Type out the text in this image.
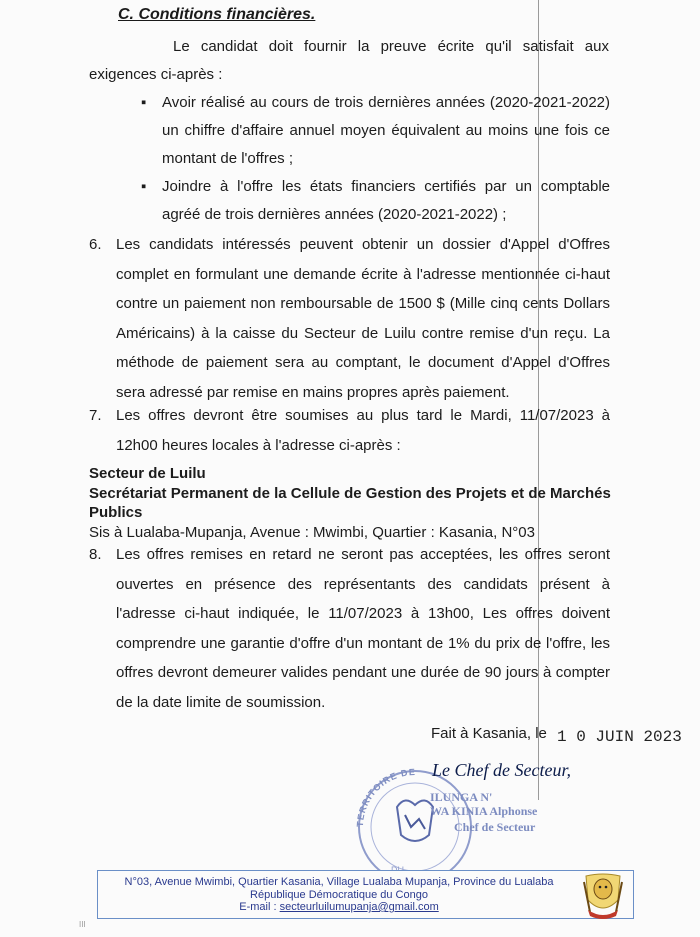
C. Conditions financières.

Le candidat doit fournir la preuve écrite qu'il satisfait aux exigences ci-après :

▪ Avoir réalisé au cours de trois dernières années (2020-2021-2022) un chiffre d'affaire annuel moyen équivalent au moins une fois ce montant de l'offres ;
▪ Joindre à l'offre les états financiers certifiés par un comptable agréé de trois dernières années (2020-2021-2022) ;
6. Les candidats intéressés peuvent obtenir un dossier d'Appel d'Offres complet en formulant une demande écrite à l'adresse mentionnée ci-haut contre un paiement non remboursable de 1500 $ (Mille cinq cents Dollars Américains) à la caisse du Secteur de Luilu contre remise d'un reçu. La méthode de paiement sera au comptant, le document d'Appel d'Offres sera adressé par remise en mains propres après paiement.
7. Les offres devront être soumises au plus tard le Mardi, 11/07/2023 à 12h00 heures locales à l'adresse ci-après :

Secteur de Luilu

Secrétariat Permanent de la Cellule de Gestion des Projets et de Marchés Publics

Sis à Lualaba-Mupanja, Avenue : Mwimbi, Quartier : Kasania, N°03

8. Les offres remises en retard ne seront pas acceptées, les offres seront ouvertes en présence des représentants des candidats présent à l'adresse ci-haut indiquée, le 11/07/2023 à 13h00, Les offres doivent comprendre une garantie d'offre d'un montant de 1% du prix de l'offre, les offres devront demeurer valides pendant une durée de 90 jours à compter de la date limite de soumission.
Fait à Kasania, le 1 0 JUIN 2023
TERRITOIRE DE Le Chef de Secteur,
ILUNGA N'
WA KINIA Alphonse
Chef de Secteur
N°03, Avenue Mwimbi, Quartier Kasania, Village Lualaba Mupanja, Province du Lualaba
République Démocratique du Congo
E-mail : secteurluilumupanja@gmail.com
III
